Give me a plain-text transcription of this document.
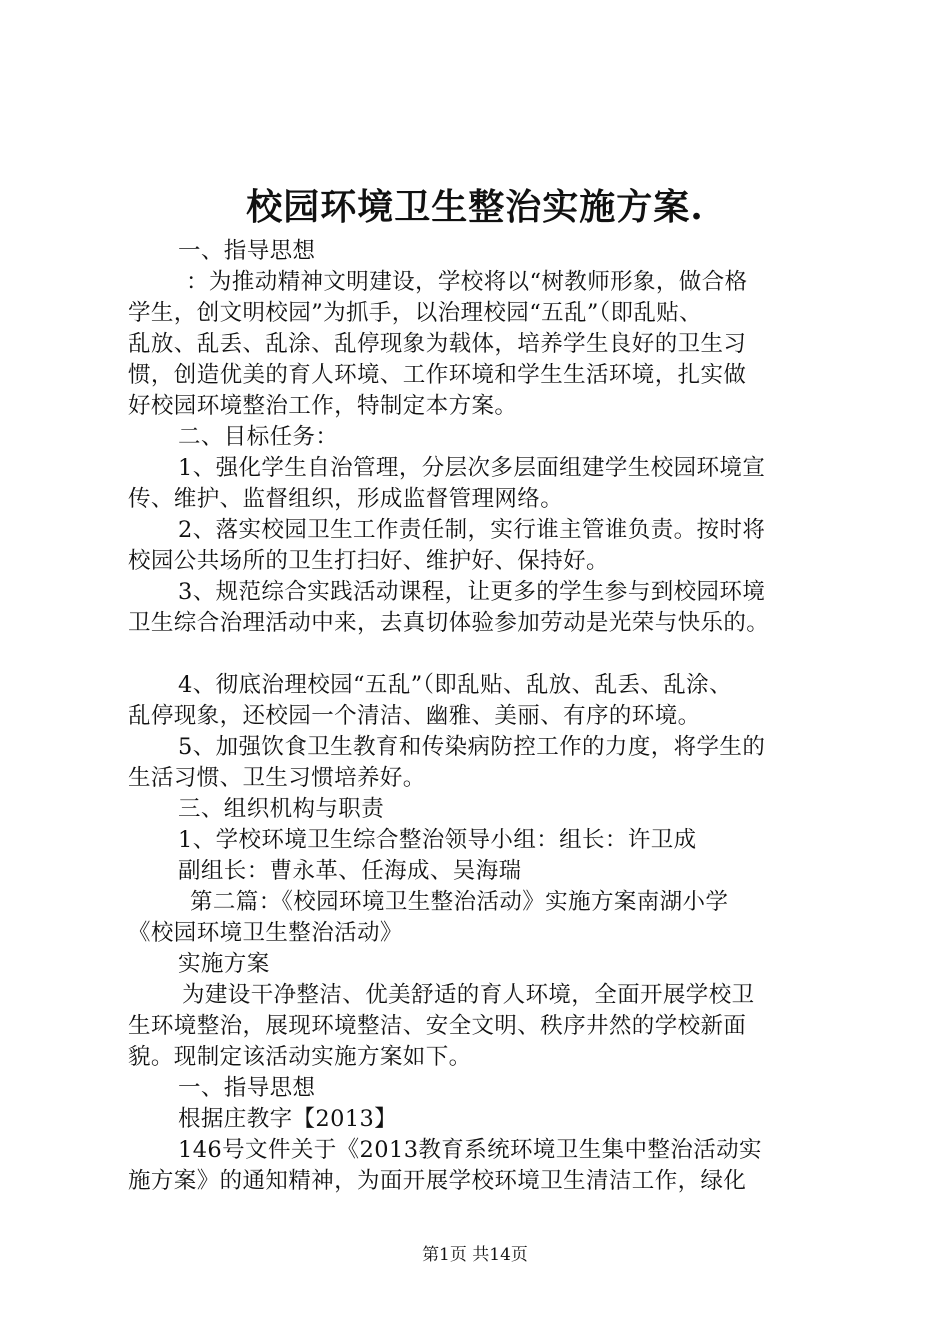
校园环境卫生整治实施方案.
一、指导思想
：为推动精神文明建设，学校将以“树教师形象，做合格
学生，创文明校园”为抓手，以治理校园“五乱”（即乱贴、
乱放、乱丢、乱涂、乱停现象为载体，培养学生良好的卫生习
惯，创造优美的育人环境、工作环境和学生生活环境，扎实做
好校园环境整治工作，特制定本方案。
二、目标任务：
1、强化学生自治管理，分层次多层面组建学生校园环境宣
传、维护、监督组织，形成监督管理网络。
2、落实校园卫生工作责任制，实行谁主管谁负责。按时将
校园公共场所的卫生打扫好、维护好、保持好。
3、规范综合实践活动课程，让更多的学生参与到校园环境
卫生综合治理活动中来，去真切体验参加劳动是光荣与快乐的。
4、彻底治理校园“五乱”（即乱贴、乱放、乱丢、乱涂、
乱停现象，还校园一个清洁、幽雅、美丽、有序的环境。
5、加强饮食卫生教育和传染病防控工作的力度，将学生的
生活习惯、卫生习惯培养好。
三、组织机构与职责
1、学校环境卫生综合整治领导小组：组长：许卫成
副组长：曹永革、任海成、吴海瑞
第二篇：《校园环境卫生整治活动》实施方案南湖小学
《校园环境卫生整治活动》
实施方案
为建设干净整洁、优美舒适的育人环境，全面开展学校卫
生环境整治，展现环境整洁、安全文明、秩序井然的学校新面
貌。现制定该活动实施方案如下。
一、指导思想
根据庄教字【2013】
146号文件关于《2013教育系统环境卫生集中整治活动实
施方案》的通知精神，为面开展学校环境卫生清洁工作，绿化
第1页 共14页
